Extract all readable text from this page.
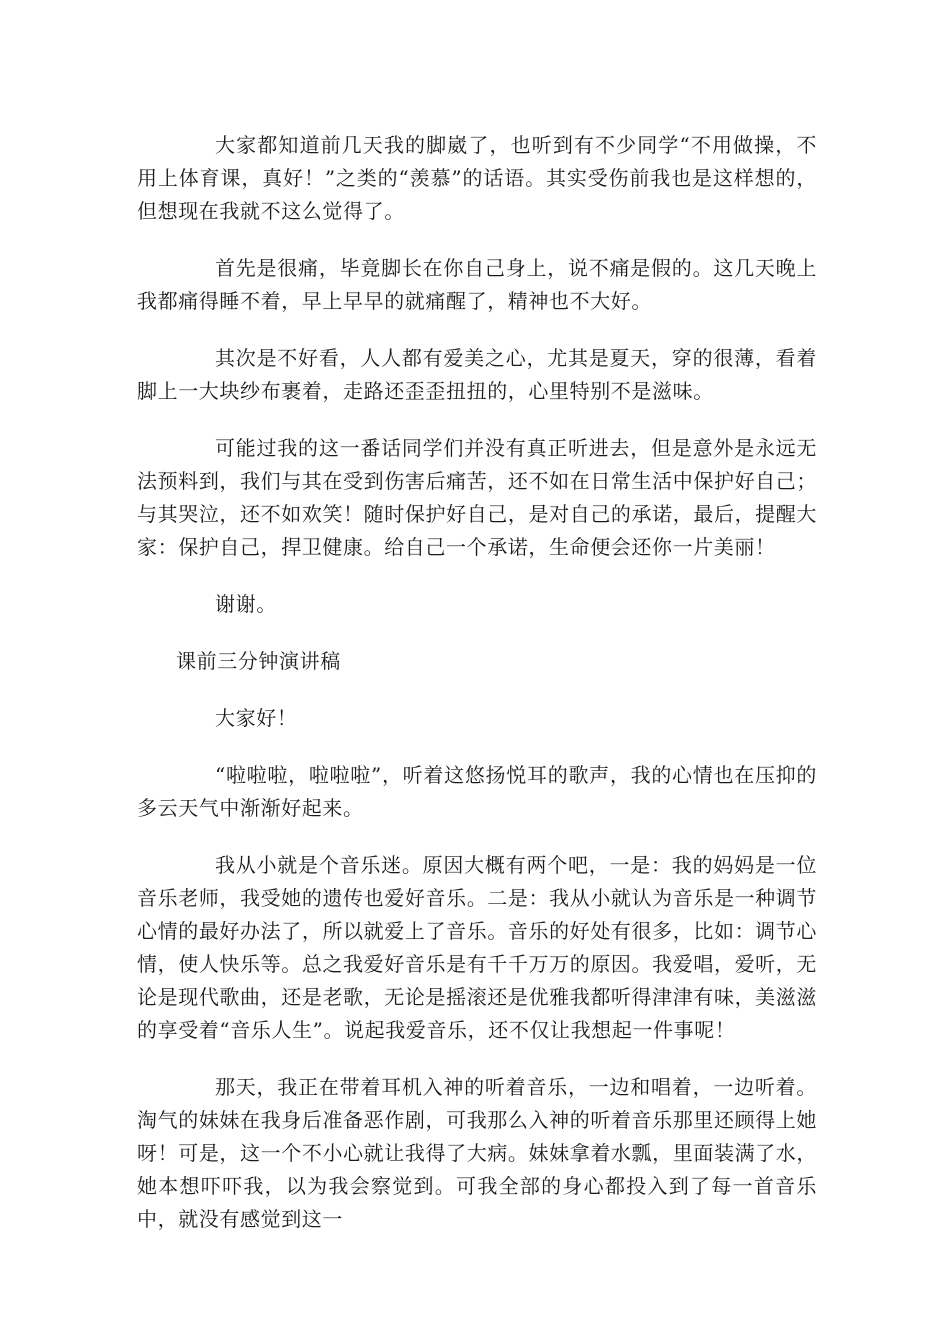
大家都知道前几天我的脚崴了，也听到有不少同学“不用做操，不用上体育课，真好！”之类的“羡慕”的话语。其实受伤前我也是这样想的，但想现在我就不这么觉得了。

首先是很痛，毕竟脚长在你自己身上，说不痛是假的。这几天晚上我都痛得睡不着，早上早早的就痛醒了，精神也不大好。

其次是不好看，人人都有爱美之心，尤其是夏天，穿的很薄，看着脚上一大块纱布裹着，走路还歪歪扭扭的，心里特别不是滋味。

可能过我的这一番话同学们并没有真正听进去，但是意外是永远无法预料到，我们与其在受到伤害后痛苦，还不如在日常生活中保护好自己；与其哭泣，还不如欢笑！随时保护好自己，是对自己的承诺，最后，提醒大家：保护自己，捍卫健康。给自己一个承诺，生命便会还你一片美丽！

谢谢。

课前三分钟演讲稿

大家好！

“啦啦啦，啦啦啦”，听着这悠扬悦耳的歌声，我的心情也在压抑的多云天气中渐渐好起来。

我从小就是个音乐迷。原因大概有两个吧，一是：我的妈妈是一位音乐老师，我受她的遗传也爱好音乐。二是：我从小就认为音乐是一种调节心情的最好办法了，所以就爱上了音乐。音乐的好处有很多，比如：调节心情，使人快乐等。总之我爱好音乐是有千千万万的原因。我爱唱，爱听，无论是现代歌曲，还是老歌，无论是摇滚还是优雅我都听得津津有味，美滋滋的享受着“音乐人生”。说起我爱音乐，还不仅让我想起一件事呢！

那天，我正在带着耳机入神的听着音乐，一边和唱着，一边听着。淘气的妹妹在我身后准备恶作剧，可我那么入神的听着音乐那里还顾得上她呀！可是，这一个不小心就让我得了大病。妹妹拿着水瓢，里面装满了水，她本想吓吓我，以为我会察觉到。可我全部的身心都投入到了每一首音乐中，就没有感觉到这一
